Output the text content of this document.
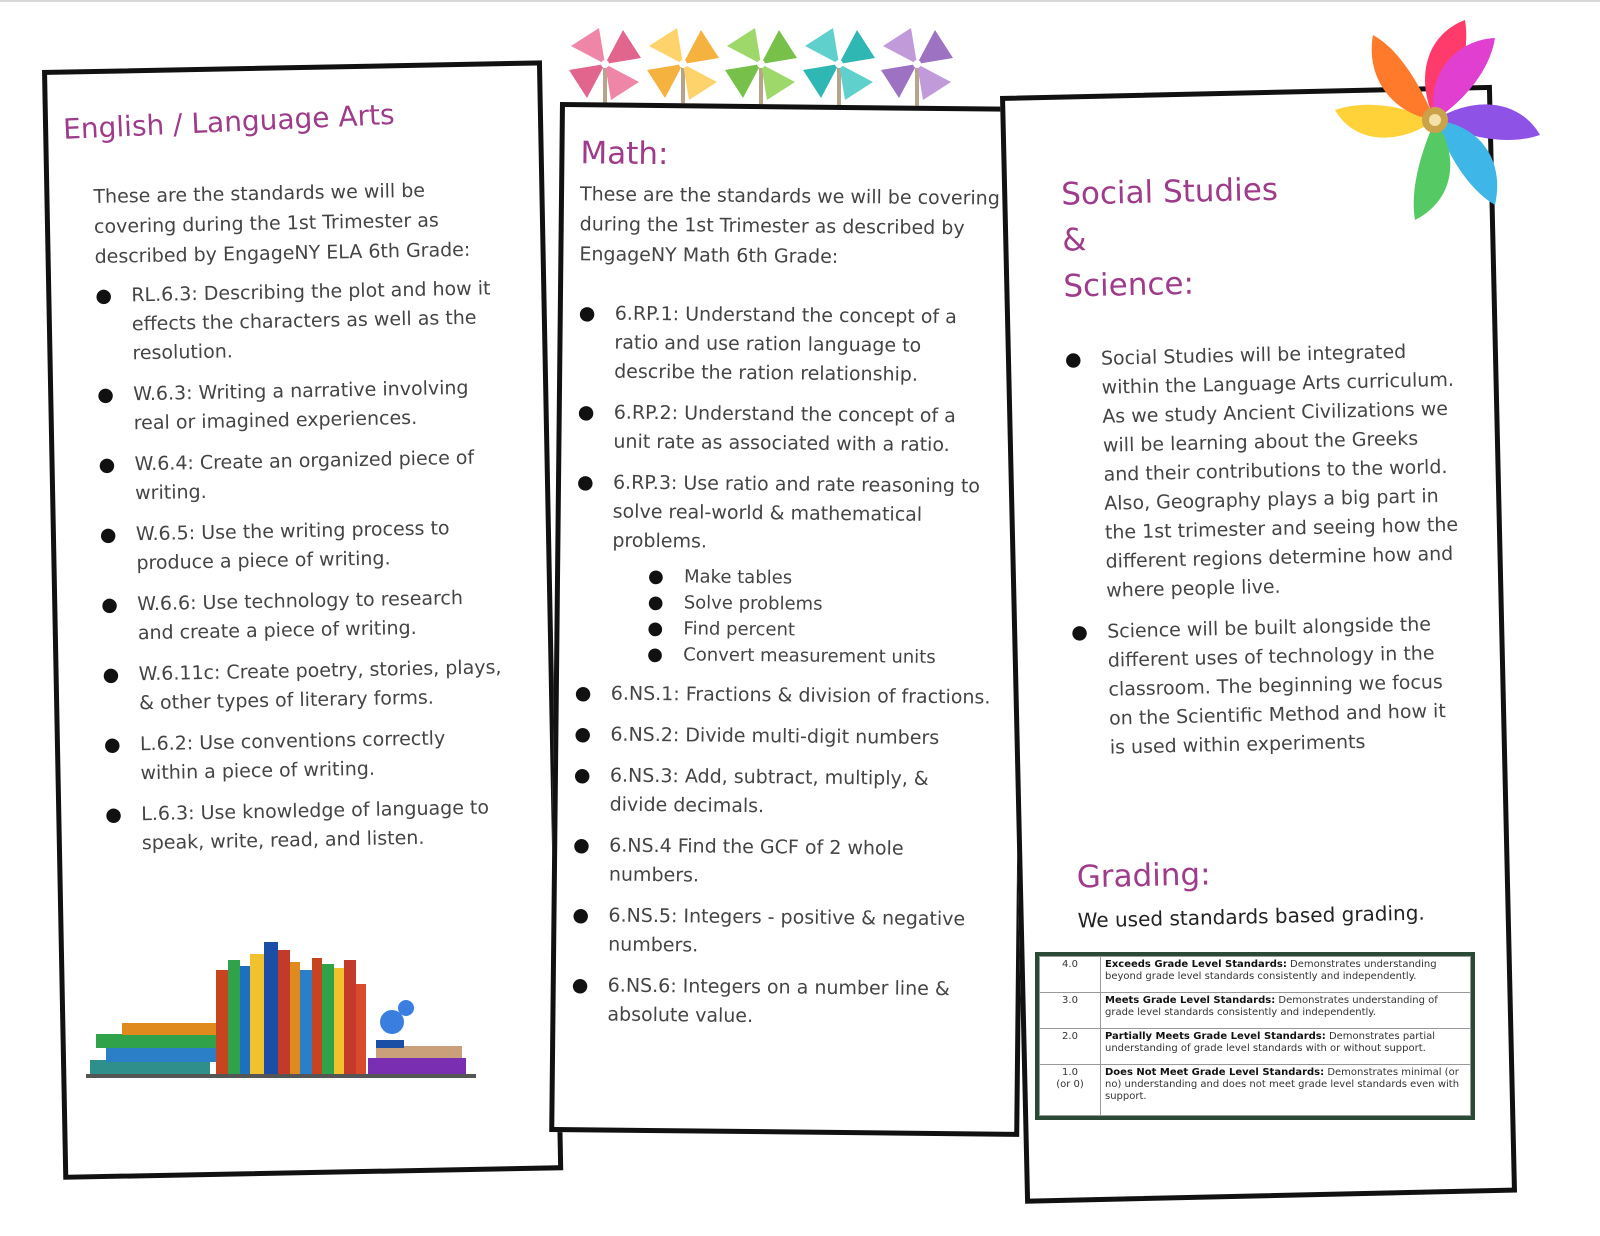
English / Language Arts

These are the standards we will be covering during the 1st Trimester as described by EngageNY ELA 6th Grade:

● RL.6.3: Describing the plot and how it effects the characters as well as the resolution.
● W.6.3: Writing a narrative involving real or imagined experiences.
● W.6.4: Create an organized piece of writing.
● W.6.5: Use the writing process to produce a piece of writing.
● W.6.6: Use technology to research and create a piece of writing.
● W.6.11c: Create poetry, stories, plays, & other types of literary forms.
● L.6.2: Use conventions correctly within a piece of writing.
● L.6.3: Use knowledge of language to speak, write, read, and listen.
Math:

These are the standards we will be covering during the 1st Trimester as described by EngageNY Math 6th Grade:

● 6.RP.1: Understand the concept of a ratio and use ration language to describe the ration relationship.
● 6.RP.2: Understand the concept of a unit rate as associated with a ratio.
● 6.RP.3: Use ratio and rate reasoning to solve real-world & mathematical problems.
● Make tables
● Solve problems
● Find percent
● Convert measurement units
● 6.NS.1: Fractions & division of fractions.
● 6.NS.2: Divide multi-digit numbers
● 6.NS.3: Add, subtract, multiply, & divide decimals.
● 6.NS.4 Find the GCF of 2 whole numbers.
● 6.NS.5: Integers - positive & negative numbers.
● 6.NS.6: Integers on a number line & absolute value.
Social Studies
&
Science:
● Social Studies will be integrated within the Language Arts curriculum. As we study Ancient Civilizations we will be learning about the Greeks and their contributions to the world. Also, Geography plays a big part in the 1st trimester and seeing how the different regions determine how and where people live.
● Science will be built alongside the different uses of technology in the classroom. The beginning we focus on the Scientific Method and how it is used within experiments
Grading:

We used standards based grading.

4.0	Exceeds Grade Level Standards: Demonstrates understanding beyond grade level standards consistently and independently.
3.0	Meets Grade Level Standards: Demonstrates understanding of grade level standards consistently and independently.
2.0	Partially Meets Grade Level Standards: Demonstrates partial understanding of grade level standards with or without support.
1.0
(or 0)	Does Not Meet Grade Level Standards: Demonstrates minimal (or no) understanding and does not meet grade level standards even with support.
